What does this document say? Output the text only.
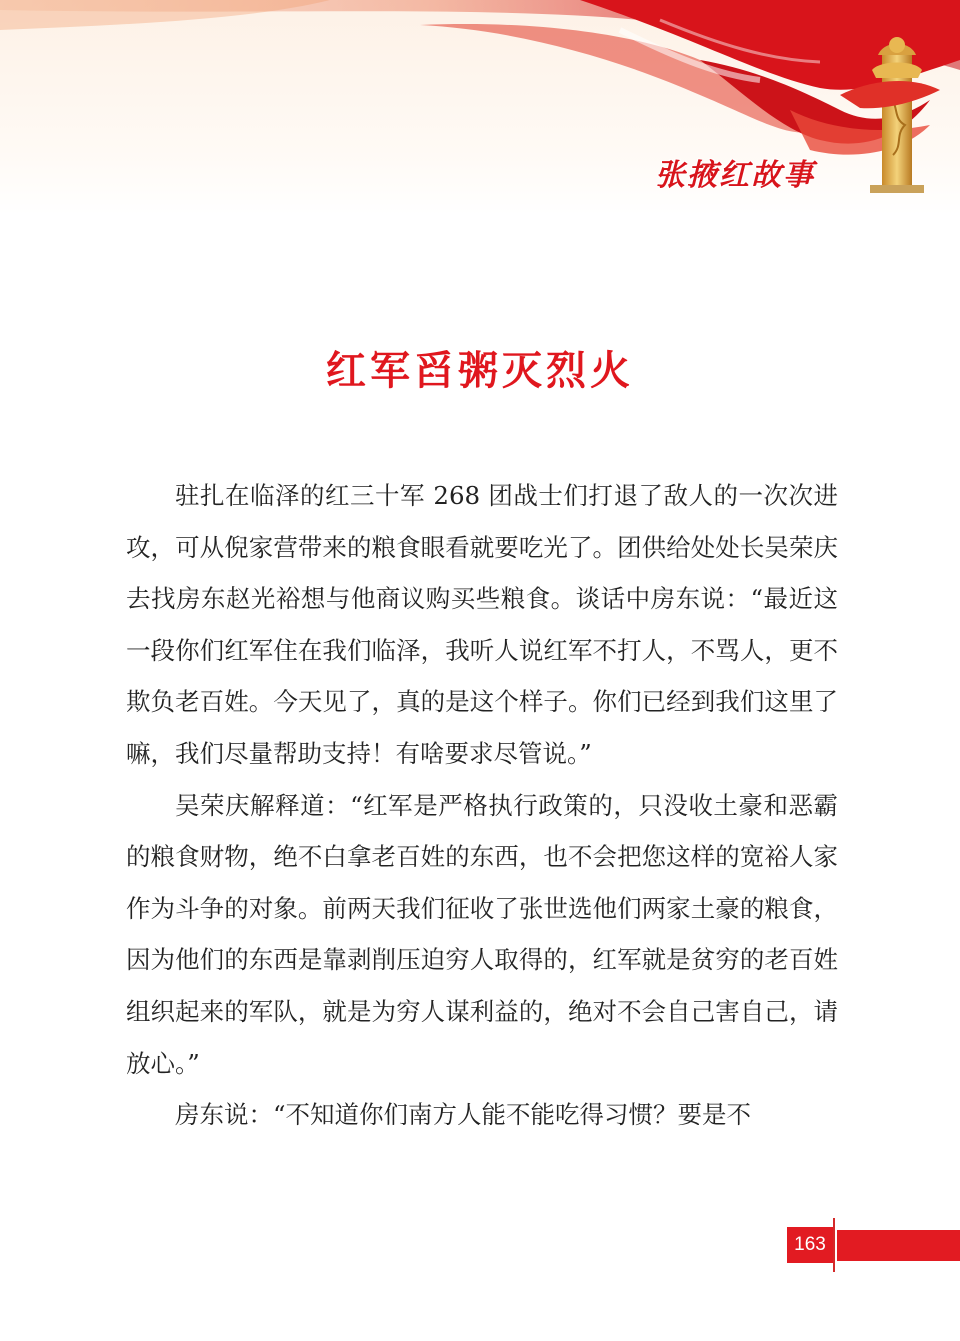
张掖红故事
红军舀粥灭烈火

驻扎在临泽的红三十军 268 团战士们打退了敌人的一次次进攻，可从倪家营带来的粮食眼看就要吃光了。团供给处处长吴荣庆去找房东赵光裕想与他商议购买些粮食。谈话中房东说：“最近这一段你们红军住在我们临泽，我听人说红军不打人，不骂人，更不欺负老百姓。今天见了，真的是这个样子。你们已经到我们这里了嘛，我们尽量帮助支持！有啥要求尽管说。”

吴荣庆解释道：“红军是严格执行政策的，只没收土豪和恶霸的粮食财物，绝不白拿老百姓的东西，也不会把您这样的宽裕人家作为斗争的对象。前两天我们征收了张世选他们两家土豪的粮食，因为他们的东西是靠剥削压迫穷人取得的，红军就是贫穷的老百姓组织起来的军队，就是为穷人谋利益的，绝对不会自己害自己，请放心。”

房东说：“不知道你们南方人能不能吃得习惯？要是不

163
